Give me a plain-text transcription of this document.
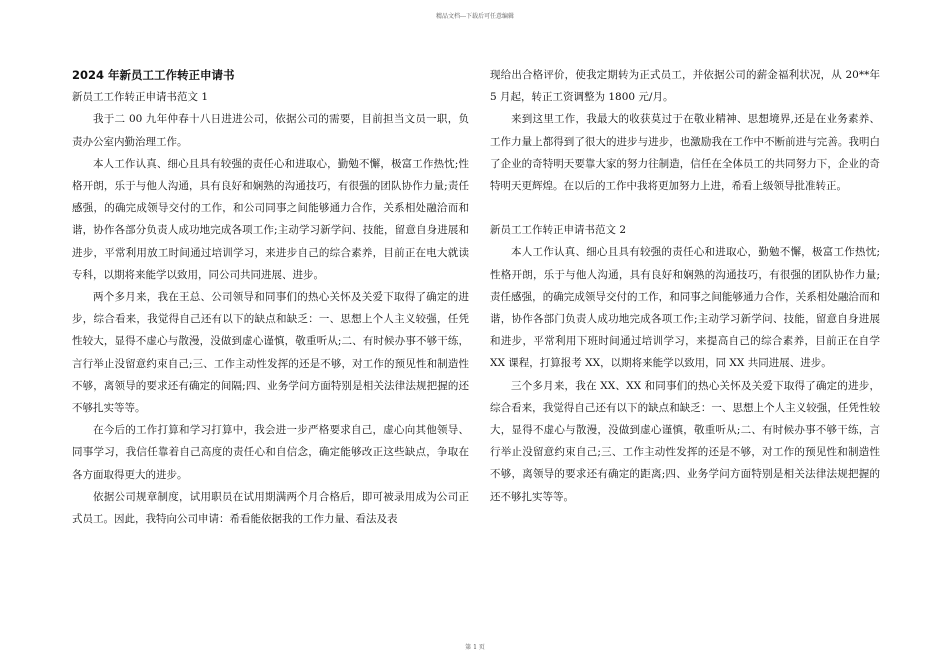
精品文档---下载后可任意编辑

2024 年新员工工作转正申请书

新员工工作转正申请书范文 1

我于二 00 九年仲春十八日进进公司，依据公司的需要，目前担当文员一职，负责办公室内勤治理工作。

本人工作认真、细心且具有较强的责任心和进取心，勤勉不懈，极富工作热忱;性格开朗，乐于与他人沟通，具有良好和娴熟的沟通技巧，有很强的团队协作力量;责任感强，的确完成领导交付的工作，和公司同事之间能够通力合作，关系相处融洽而和谐，协作各部分负责人成功地完成各项工作;主动学习新学问、技能，留意自身进展和进步，平常利用放工时间通过培训学习，来进步自己的综合素养，目前正在电大就读专科，以期将来能学以致用，同公司共同进展、进步。

两个多月来，我在王总、公司领导和同事们的热心关怀及关爱下取得了确定的进步，综合看来，我觉得自己还有以下的缺点和缺乏：一、思想上个人主义较强，任凭性较大，显得不虚心与散漫，没做到虚心谨慎，敬重听从;二、有时候办事不够干练，言行举止没留意约束自己;三、工作主动性发挥的还是不够，对工作的预见性和制造性不够，离领导的要求还有确定的间隔;四、业务学问方面特别是相关法律法规把握的还不够扎实等等。

在今后的工作打算和学习打算中，我会进一步严格要求自己，虚心向其他领导、同事学习，我信任靠着自己高度的责任心和自信念，确定能够改正这些缺点，争取在各方面取得更大的进步。

依据公司规章制度，试用职员在试用期满两个月合格后，即可被录用成为公司正式员工。因此，我特向公司申请：希看能依据我的工作力量、看法及表

现给出合格评价，使我定期转为正式员工，并依据公司的薪金福利状况，从 20**年 5 月起，转正工资调整为 1800 元/月。

来到这里工作，我最大的收获莫过于在敬业精神、思想境界,还是在业务素养、工作力量上都得到了很大的进步与进步，也激励我在工作中不断前进与完善。我明白了企业的奇特明天要靠大家的努力往制造，信任在全体员工的共同努力下，企业的奇特明天更辉煌。在以后的工作中我将更加努力上进，希看上级领导批准转正。

新员工工作转正申请书范文 2

本人工作认真、细心且具有较强的责任心和进取心，勤勉不懈，极富工作热忱;性格开朗，乐于与他人沟通，具有良好和娴熟的沟通技巧，有很强的团队协作力量;责任感强，的确完成领导交付的工作，和同事之间能够通力合作，关系相处融洽而和谐，协作各部门负责人成功地完成各项工作;主动学习新学问、技能，留意自身进展和进步，平常利用下班时间通过培训学习，来提高自己的综合素养，目前正在自学 XX 课程，打算报考 XX，以期将来能学以致用，同 XX 共同进展、进步。

三个多月来，我在 XX、XX 和同事们的热心关怀及关爱下取得了确定的进步，综合看来，我觉得自己还有以下的缺点和缺乏：一、思想上个人主义较强，任凭性较大，显得不虚心与散漫，没做到虚心谨慎，敬重听从;二、有时候办事不够干练，言行举止没留意约束自己;三、工作主动性发挥的还是不够，对工作的预见性和制造性不够，离领导的要求还有确定的距离;四、业务学问方面特别是相关法律法规把握的还不够扎实等等。

第 1 页
